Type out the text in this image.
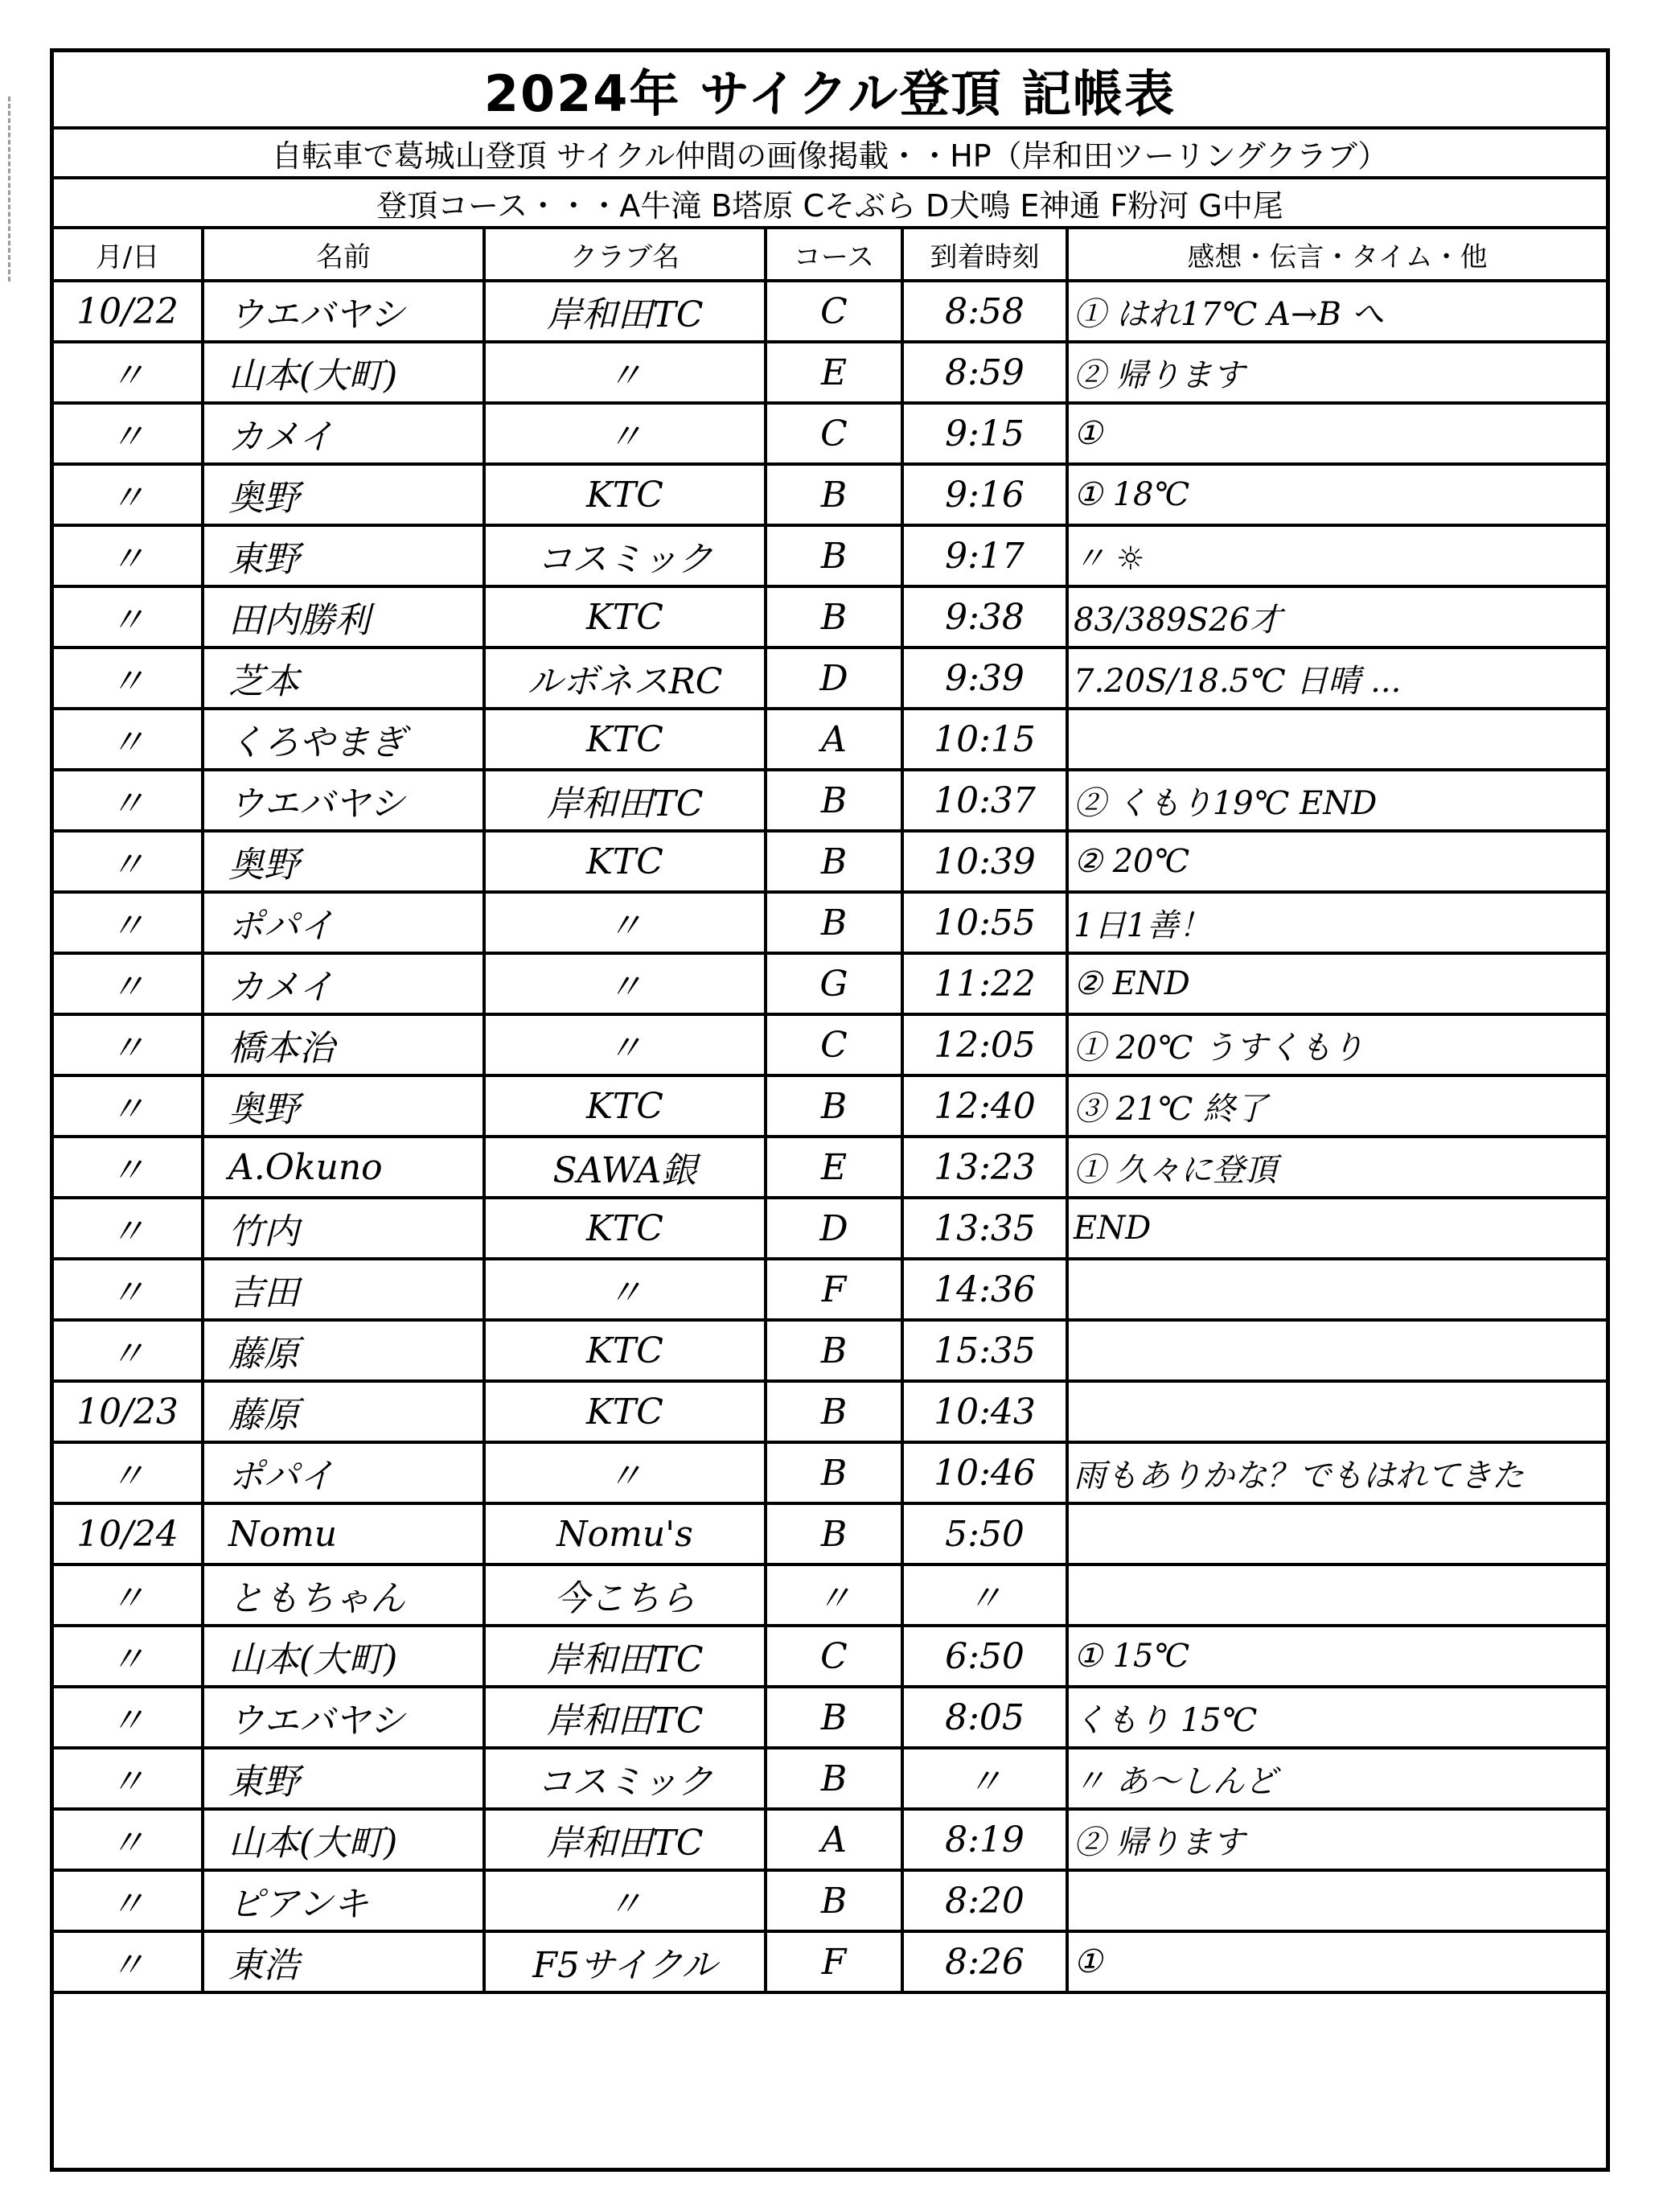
2024年 サイクル登頂 記帳表
自転車で葛城山登頂 サイクル仲間の画像掲載・・HP（岸和田ツーリングクラブ）
登頂コース・・・A牛滝 B塔原 Cそぶら D犬鳴 E神通 F粉河 G中尾
月/日	名前	クラブ名	コース	到着時刻	感想・伝言・タイム・他
10/22	ウエバヤシ	岸和田TC	C	8:58	① はれ17℃ A→B へ
〃	山本(大町)	〃	E	8:59	② 帰ります
〃	カメイ	〃	C	9:15	①
〃	奥野	KTC	B	9:16	① 18℃
〃	東野	コスミック	B	9:17	〃 ☼
〃	田内勝利	KTC	B	9:38	83/389S26才
〃	芝本	ルボネスRC	D	9:39	7.20S/18.5℃ 日晴 ...
〃	くろやまぎ	KTC	A	10:15	
〃	ウエバヤシ	岸和田TC	B	10:37	② くもり19℃ END
〃	奥野	KTC	B	10:39	② 20℃
〃	ポパイ	〃	B	10:55	1日1善！
〃	カメイ	〃	G	11:22	② END
〃	橋本治	〃	C	12:05	① 20℃ うすくもり
〃	奥野	KTC	B	12:40	③ 21℃ 終了
〃	A.Okuno	SAWA銀	E	13:23	① 久々に登頂
〃	竹内	KTC	D	13:35	END
〃	吉田	〃	F	14:36	
〃	藤原	KTC	B	15:35	
10/23	藤原	KTC	B	10:43	
〃	ポパイ	〃	B	10:46	雨もありかな？でもはれてきた
10/24	Nomu	Nomu's	B	5:50	
〃	ともちゃん	今こちら	〃	〃	
〃	山本(大町)	岸和田TC	C	6:50	① 15℃
〃	ウエバヤシ	岸和田TC	B	8:05	くもり 15℃
〃	東野	コスミック	B	〃	〃 あ〜しんど
〃	山本(大町)	岸和田TC	A	8:19	② 帰ります
〃	ピアンキ	〃	B	8:20	
〃	東浩	F5サイクル	F	8:26	①
